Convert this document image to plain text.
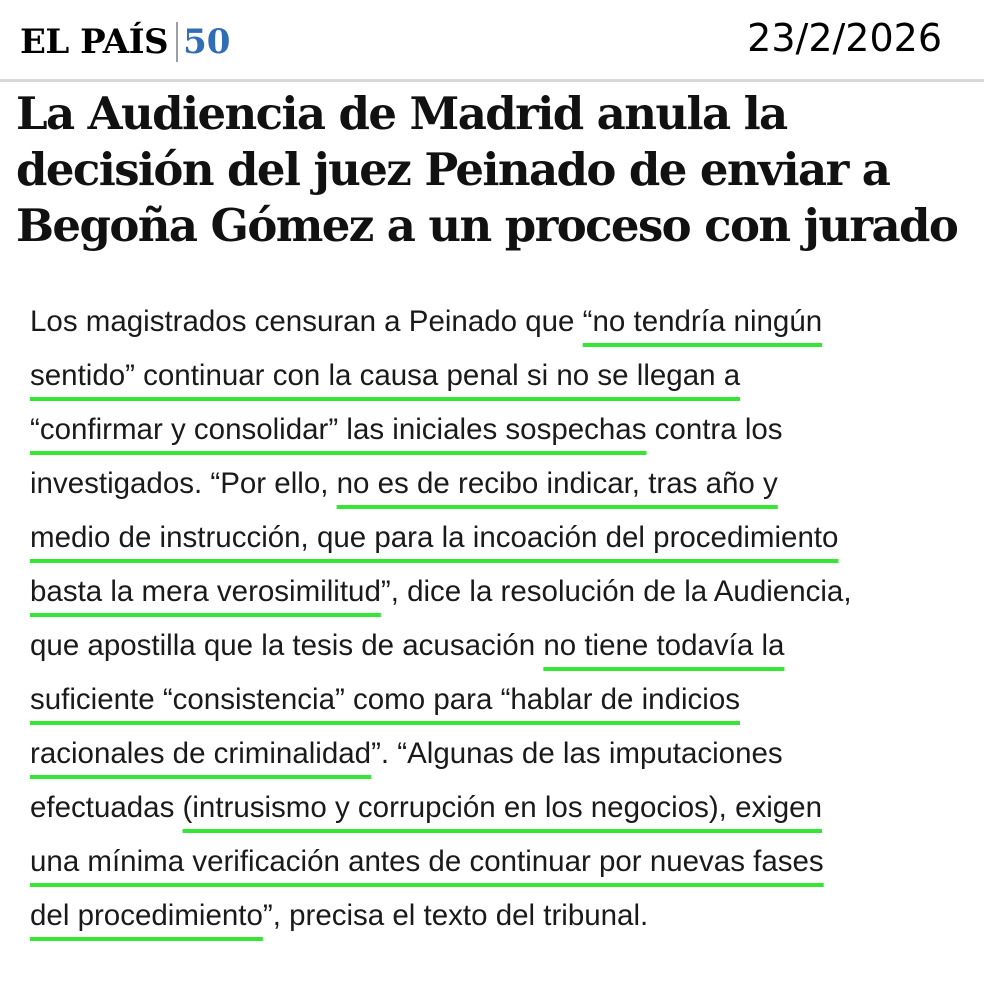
EL PAÍS 50	23/2/2026
La Audiencia de Madrid anula la decisión del juez Peinado de enviar a Begoña Gómez a un proceso con jurado
Los magistrados censuran a Peinado que “no tendría ningún
sentido” continuar con la causa penal si no se llegan a
“confirmar y consolidar” las iniciales sospechas contra los
investigados. “Por ello, no es de recibo indicar, tras año y
medio de instrucción, que para la incoación del procedimiento
basta la mera verosimilitud”, dice la resolución de la Audiencia,
que apostilla que la tesis de acusación no tiene todavía la
suficiente “consistencia” como para “hablar de indicios
racionales de criminalidad”. “Algunas de las imputaciones
efectuadas (intrusismo y corrupción en los negocios), exigen
una mínima verificación antes de continuar por nuevas fases
del procedimiento”, precisa el texto del tribunal.
